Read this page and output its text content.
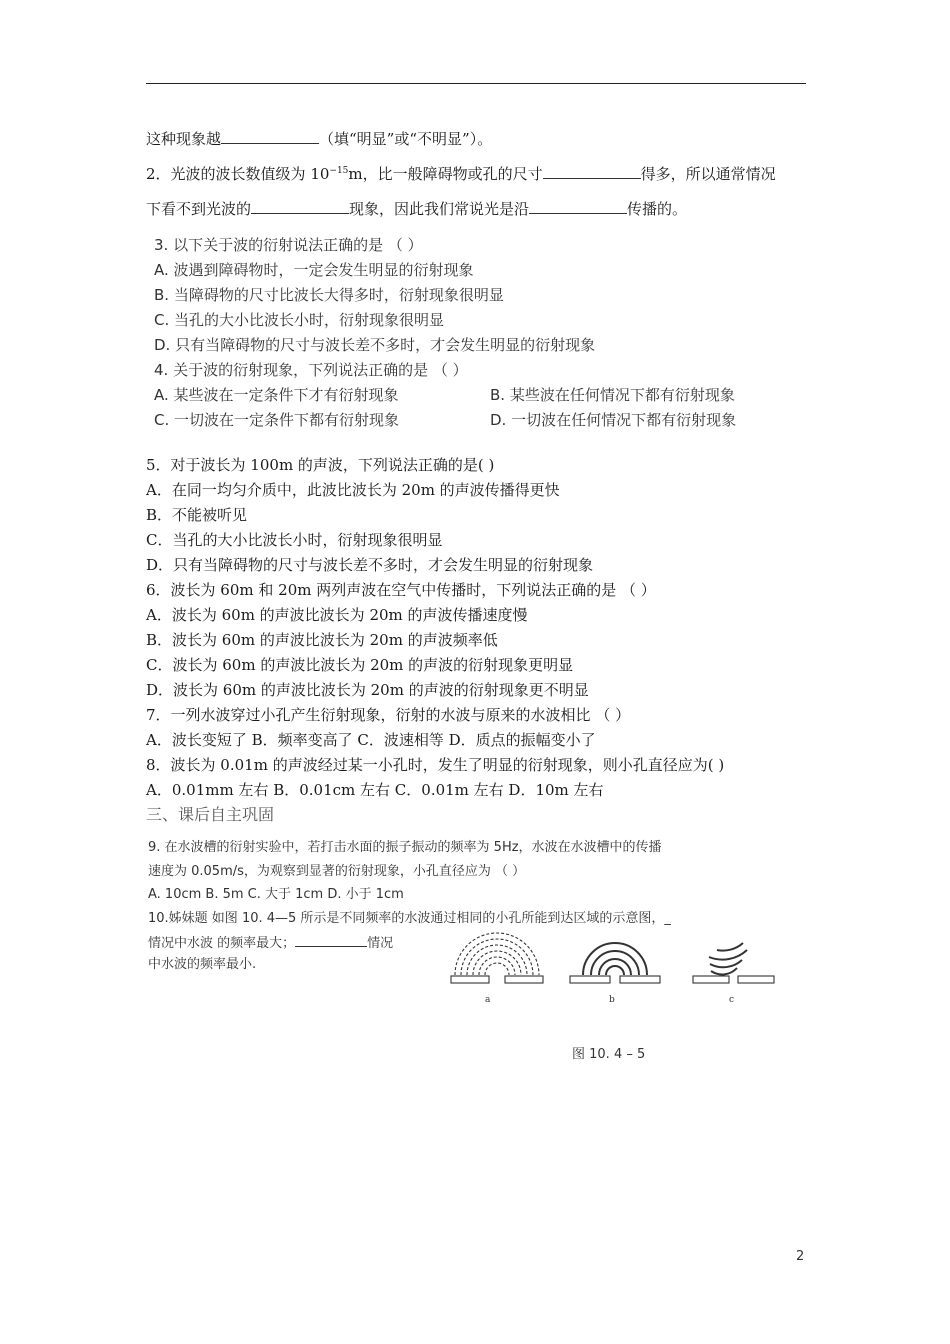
这种现象越	（填“明显”或“不明显”）。
2．光波的波长数值级为 $10^{-15}m$，比一般障碍物或孔的尺寸	得多，所以通常情况
下看不到光波的	现象，因此我们常说光是沿	传播的。
3. 以下关于波的衍射说法正确的是 （ ）
A. 波遇到障碍物时，一定会发生明显的衍射现象
B. 当障碍物的尺寸比波长大得多时，衍射现象很明显
C. 当孔的大小比波长小时，衍射现象很明显
D. 只有当障碍物的尺寸与波长差不多时，才会发生明显的衍射现象
4. 关于波的衍射现象，下列说法正确的是 （ ）
A. 某些波在一定条件下才有衍射现象	B. 某些波在任何情况下都有衍射现象
C. 一切波在一定条件下都有衍射现象	D. 一切波在任何情况下都有衍射现象
5．对于波长为 100m 的声波，下列说法正确的是( )
A．在同一均匀介质中，此波比波长为 20m 的声波传播得更快
B．不能被听见
C．当孔的大小比波长小时，衍射现象很明显
D．只有当障碍物的尺寸与波长差不多时，才会发生明显的衍射现象
6．波长为 60m 和 20m 两列声波在空气中传播时，下列说法正确的是 （ ）
A．波长为 60m 的声波比波长为 20m 的声波传播速度慢
B．波长为 60m 的声波比波长为 20m 的声波频率低
C．波长为 60m 的声波比波长为 20m 的声波的衍射现象更明显
D．波长为 60m 的声波比波长为 20m 的声波的衍射现象更不明显
7．一列水波穿过小孔产生衍射现象，衍射的水波与原来的水波相比 （ ）
A．波长变短了 B．频率变高了 C．波速相等 D．质点的振幅变小了
8．波长为 0.01m 的声波经过某一小孔时，发生了明显的衍射现象，则小孔直径应为( )
A．0.01mm 左右 B．0.01cm 左右 C．0.01m 左右 D．10m 左右
三、课后自主巩固
9. 在水波槽的衍射实验中，若打击水面的振子振动的频率为 5Hz，水波在水波槽中的传播
速度为 0.05m/s，为观察到显著的衍射现象，小孔直径应为 （ ）
A. 10cm B. 5m C. 大于 1cm D. 小于 1cm
10.姊妹题 如图 10. 4—5 所示是不同频率的水波通过相同的小孔所能到达区域的示意图，_
情况中水波 的频率最大；	情况
中水波的频率最小.
a	b	c
图 10. 4 – 5
2
